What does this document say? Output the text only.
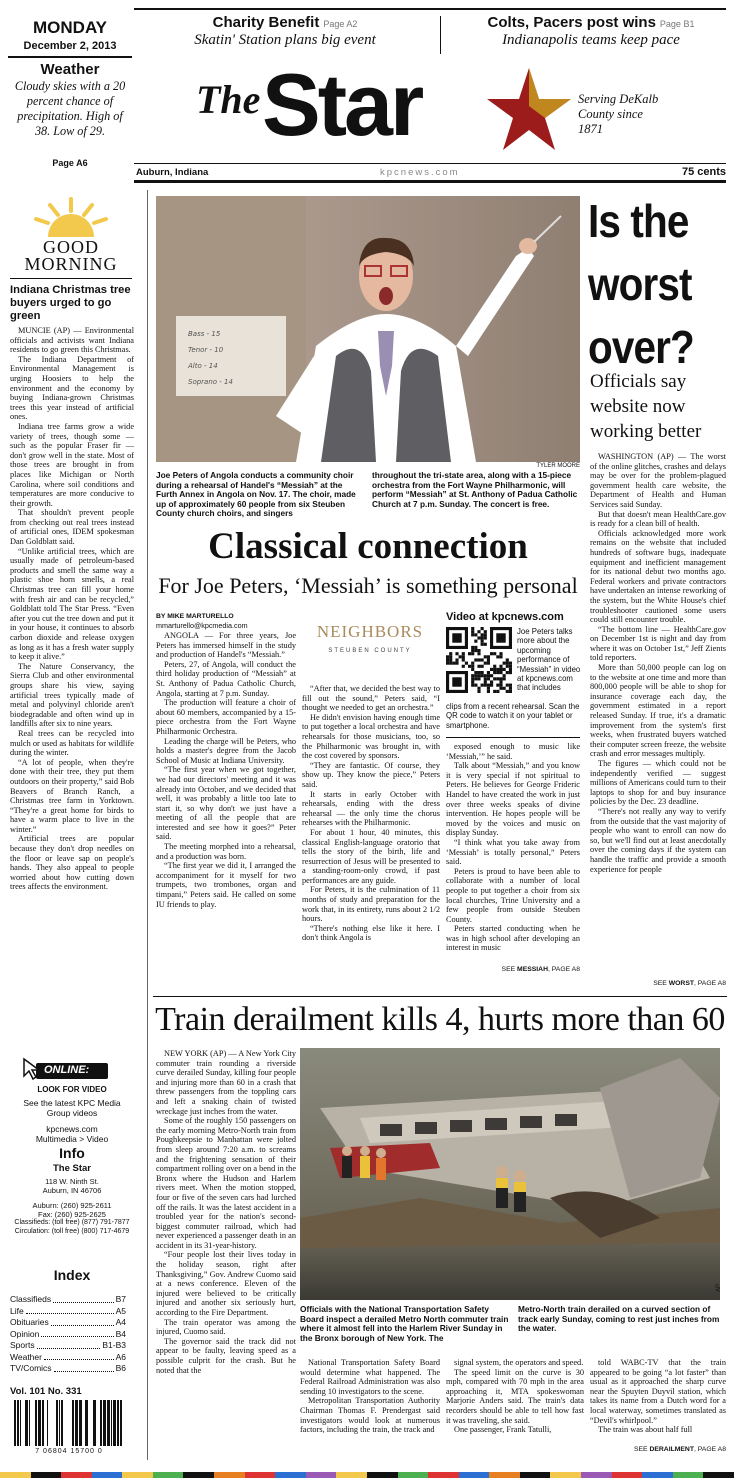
MONDAY
December 2, 2013
Weather
Cloudy skies with a 20 percent chance of precipitation. High of 38. Low of 29.
Page A6
Charity Benefit Page A2
Skatin' Station plans big event
Colts, Pacers post wins Page B1
Indianapolis teams keep pace
The Star	Serving DeKalb County since 1871
Auburn, Indiana	kpcnews.com	75 cents
GOOD
MORNING
Indiana Christmas tree buyers urged to go green

MUNCIE (AP) — Environmental officials and activists want Indiana residents to go green this Christmas.

The Indiana Department of Environmental Management is urging Hoosiers to help the environment and the economy by buying Indiana-grown Christmas trees this year instead of artificial ones.

Indiana tree farms grow a wide variety of trees, though some — such as the popular Fraser fir — don't grow well in the state. Most of those trees are brought in from places like Michigan or North Carolina, where soil conditions and temperatures are more conducive to their growth.

That shouldn't prevent people from checking out real trees instead of artificial ones, IDEM spokesman Dan Goldblatt said.

“Unlike artificial trees, which are usually made of petroleum-based products and smell the same way a plastic shoe horn smells, a real Christmas tree can fill your home with fresh air and can be recycled,” Goldblatt told The Star Press. “Even after you cut the tree down and put it in your house, it continues to absorb carbon dioxide and release oxygen as long as it has a fresh water supply to keep it alive.”

The Nature Conservancy, the Sierra Club and other environmental groups share his view, saying artificial trees typically made of metal and polyvinyl chloride aren't biodegradable and often wind up in landfills after six to nine years.

Real trees can be recycled into mulch or used as habitats for wildlife during the winter.

“A lot of people, when they're done with their tree, they put them outdoors on their property,” said Bob Beavers of Branch Ranch, a Christmas tree farm in Yorktown. “They're a great home for birds to have a warm place to live in the winter.”

Artificial trees are popular because they don't drop needles on the floor or leave sap on people's hands. They also appeal to people worried about how cutting down trees affects the environment.

ONLINE:
LOOK FOR VIDEO
See the latest KPC Media Group videos
kpcnews.com
Multimedia > Video
Info
The Star
118 W. Ninth St.
Auburn, IN 46706
Auburn: (260) 925-2611
Fax: (260) 925-2625
Classifieds: (toll free) (877) 791-7877
Circulation: (toll free) (800) 717-4679
Index
Classifieds	B7
Life	A5
Obituaries	A4
Opinion	B4
Sports	B1-B3
Weather	A6
TV/Comics	B6
Vol. 101 No. 331
7 06804 15700 0
Bass - 15
Tenor - 10
Alto - 14
Soprano - 14
TYLER MOORE
Joe Peters of Angola conducts a community choir during a rehearsal of Handel's “Messiah” at the Furth Annex in Angola on Nov. 17. The choir, made up of approximately 60 people from six Steuben County church choirs, and singers
throughout the tri-state area, along with a 15-piece orchestra from the Fort Wayne Philharmonic, will perform “Messiah” at St. Anthony of Padua Catholic Church at 7 p.m. Sunday. The concert is free.
Classical connection
For Joe Peters, ‘Messiah’ is something personal
BY MIKE MARTURELLO
mmarturello@kpcmedia.com

ANGOLA — For three years, Joe Peters has immersed himself in the study and production of Handel's “Messiah.”

Peters, 27, of Angola, will conduct the third holiday production of “Messiah” at St. Anthony of Padua Catholic Church, Angola, starting at 7 p.m. Sunday.

The production will feature a choir of about 60 members, accompanied by a 15-piece orchestra from the Fort Wayne Philharmonic Orchestra.

Leading the charge will be Peters, who holds a master's degree from the Jacob School of Music at Indiana University.

“The first year when we got together, we had our directors' meeting and it was already into October, and we decided that well, it was probably a little too late to start it, so why don't we just have a meeting of all the people that are interested and see how it goes?” Peter said.

The meeting morphed into a rehearsal, and a production was born.

“The first year we did it, I arranged the accompaniment for it myself for two trumpets, two trombones, organ and timpani,” Peters said. He called on some IU friends to play.

NEIGHBORS
STEUBEN COUNTY

“After that, we decided the best way to fill out the sound,” Peters said, “I thought we needed to get an orchestra.”

He didn't envision having enough time to put together a local orchestra and have rehearsals for those musicians, too, so the Philharmonic was brought in, with the cost covered by sponsors.

“They are fantastic. Of course, they show up. They know the piece,” Peters said.

It starts in early October with rehearsals, ending with the dress rehearsal — the only time the chorus rehearses with the Philharmonic.

For about 1 hour, 40 minutes, this classical English-language oratorio that tells the story of the birth, life and resurrection of Jesus will be presented to a standing-room-only crowd, if past performances are any guide.

For Peters, it is the culmination of 11 months of study and preparation for the work that, in its entirety, runs about 2 1/2 hours.

“There's nothing else like it here. I don't think Angola is

Video at kpcnews.com
Joe Peters talks more about the upcoming performance of “Messiah” in video at kpcnews.com that includes
clips from a recent rehearsal. Scan the QR code to watch it on your tablet or smartphone.

exposed enough to music like ‘Messiah,’” he said.

Talk about “Messiah,” and you know it is very special if not spiritual to Peters. He believes for George Frideric Handel to have created the work in just over three weeks speaks of divine intervention. He hopes people will be moved by the voices and music on display Sunday.

“I think what you take away from ‘Messiah’ is totally personal,” Peters said.

Peters is proud to have been able to collaborate with a number of local people to put together a choir from six local churches, Trine University and a few people from outside Steuben County.

Peters started conducting when he was in high school after developing an interest in music

SEE MESSIAH, PAGE A8
Is the worst over?
Officials say website now working better

WASHINGTON (AP) — The worst of the online glitches, crashes and delays may be over for the problem-plagued government health care website, the Department of Health and Human Services said Sunday.

But that doesn't mean HealthCare.gov is ready for a clean bill of health.

Officials acknowledged more work remains on the website that included hundreds of software bugs, inadequate equipment and inefficient management for its national debut two months ago. Federal workers and private contractors have undertaken an intense reworking of the system, but the White House's chief troubleshooter cautioned some users could still encounter trouble.

“The bottom line — HealthCare.gov on December 1st is night and day from where it was on October 1st,” Jeff Zients told reporters.

More than 50,000 people can log on to the website at one time and more than 800,000 people will be able to shop for insurance coverage each day, the government estimated in a report released Sunday. If true, it's a dramatic improvement from the system's first weeks, when frustrated buyers watched their computer screen freeze, the website crash and error messages multiply.

The figures — which could not be independently verified — suggest millions of Americans could turn to their laptops to shop for and buy insurance policies by the Dec. 23 deadline.

“There's not really any way to verify from the outside that the vast majority of people who want to enroll can now do so, but we'll find out at least anecdotally over the coming days if the system can handle the traffic and provide a smooth experience for people

SEE WORST, PAGE A8
Train derailment kills 4, hurts more than 60

NEW YORK (AP) — A New York City commuter train rounding a riverside curve derailed Sunday, killing four people and injuring more than 60 in a crash that threw passengers from the toppling cars and left a snaking chain of twisted wreckage just inches from the water.

Some of the roughly 150 passengers on the early morning Metro-North train from Poughkeepsie to Manhattan were jolted from sleep around 7:20 a.m. to screams and the frightening sensation of their compartment rolling over on a bend in the Bronx where the Hudson and Harlem rivers meet. When the motion stopped, four or five of the seven cars had lurched off the rails. It was the latest accident in a troubled year for the nation's second-biggest commuter railroad, which had never experienced a passenger death in an accident in its 31-year-history.

“Four people lost their lives today in the holiday season, right after Thanksgiving,” Gov. Andrew Cuomo said at a news conference. Eleven of the injured were believed to be critically injured and another six seriously hurt, according to the Fire Department.

The train operator was among the injured, Cuomo said.

The governor said the track did not appear to be faulty, leaving speed as a possible culprit for the crash. But he noted that the

AP
Officials with the National Transportation Safety Board inspect a derailed Metro North commuter train where it almost fell into the Harlem River Sunday in the Bronx borough of New York. The
Metro-North train derailed on a curved section of track early Sunday, coming to rest just inches from the water.

National Transportation Safety Board would determine what happened. The Federal Railroad Administration was also sending 10 investigators to the scene.

Metropolitan Transportation Authority Chairman Thomas F. Prendergast said investigators would look at numerous factors, including the train, the track and

signal system, the operators and speed.

The speed limit on the curve is 30 mph, compared with 70 mph in the area approaching it, MTA spokeswoman Marjorie Anders said. The train's data recorders should be able to tell how fast it was traveling, she said.

One passenger, Frank Tatulli,

told WABC-TV that the train appeared to be going “a lot faster” than usual as it approached the sharp curve near the Spuyten Duyvil station, which takes its name from a Dutch word for a local waterway, sometimes translated as “Devil's whirlpool.”

The train was about half full

SEE DERAILMENT, PAGE A8
